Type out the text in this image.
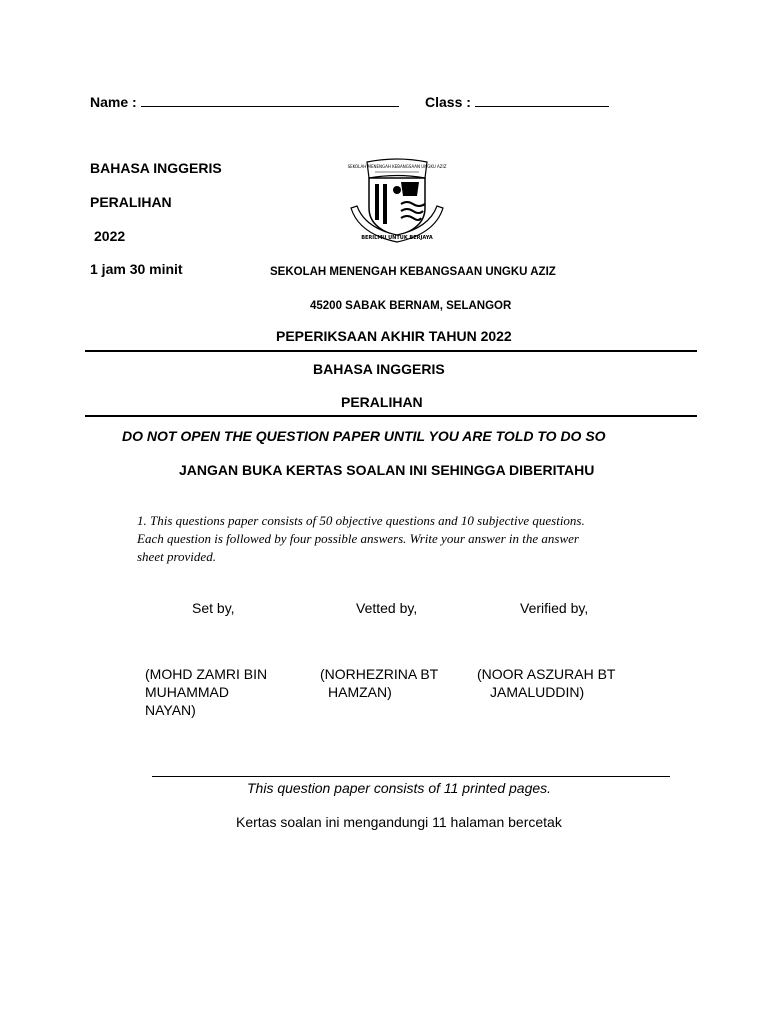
Name :	Class :
BAHASA INGGERIS
PERALIHAN
2022
1 jam 30 minit
SEKOLAH MENENGAH KEBANGSAAN UNGKU AZIZ
BERILMU UNTUK BERJAYA
SEKOLAH MENENGAH KEBANGSAAN UNGKU AZIZ
45200 SABAK BERNAM, SELANGOR
PEPERIKSAAN AKHIR TAHUN 2022
BAHASA INGGERIS
PERALIHAN
DO NOT OPEN THE QUESTION PAPER UNTIL YOU ARE TOLD TO DO SO
JANGAN BUKA KERTAS SOALAN INI SEHINGGA DIBERITAHU
1. This questions paper consists of 50 objective questions and 10 subjective questions.
Each question is followed by four possible answers. Write your answer in the answer
sheet provided.
Set by,	Vetted by,	Verified by,
(MOHD ZAMRI BIN
MUHAMMAD
NAYAN)
(NORHEZRINA BT
HAMZAN)
(NOOR ASZURAH BT
JAMALUDDIN)
This question paper consists of 11 printed pages.
Kertas soalan ini mengandungi 11 halaman bercetak
